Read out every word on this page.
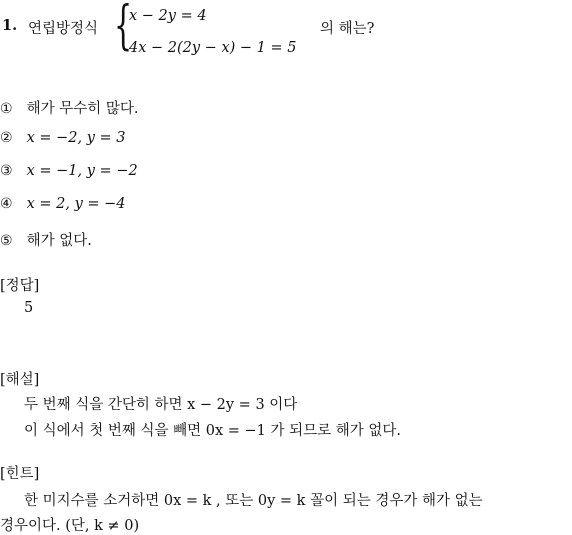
1. 연립방정식 {
x − 2y = 4
4x − 2(2y − x) − 1 = 5
의 해는?
① 해가 무수히 많다.
② x = −2, y = 3
③ x = −1, y = −2
④ x = 2, y = −4
⑤ 해가 없다.
[정답]
5
[해설]
두 번째 식을 간단히 하면 x − 2y = 3 이다
이 식에서 첫 번째 식을 빼면 0x = −1 가 되므로 해가 없다.
[힌트]
한 미지수를 소거하면 0x = k , 또는 0y = k 꼴이 되는 경우가 해가 없는
경우이다. (단, k ≠ 0)
